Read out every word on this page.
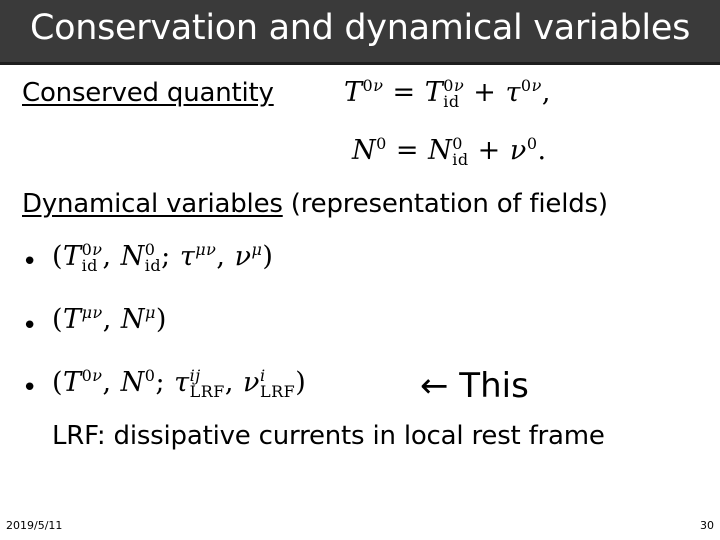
Conservation and dynamical variables
Conserved quantity	$T^{0\nu} = T$ 0ν
id + $\tau^{0\nu}$,
$N^0 = N$ 0
id + $\nu^0$.
Dynamical variables (representation of fields)
• (T 0ν
id , N 0
id ; $\tau^{\mu\nu}$, $\nu^\mu$)
• ($T^{\mu\nu}$, $N^\mu$)
• ($T^{0\nu}$, $N^0$; τ ij
LRF , ν i
LRF )	← This
LRF: dissipative currents in local rest frame
2019/5/11	30
